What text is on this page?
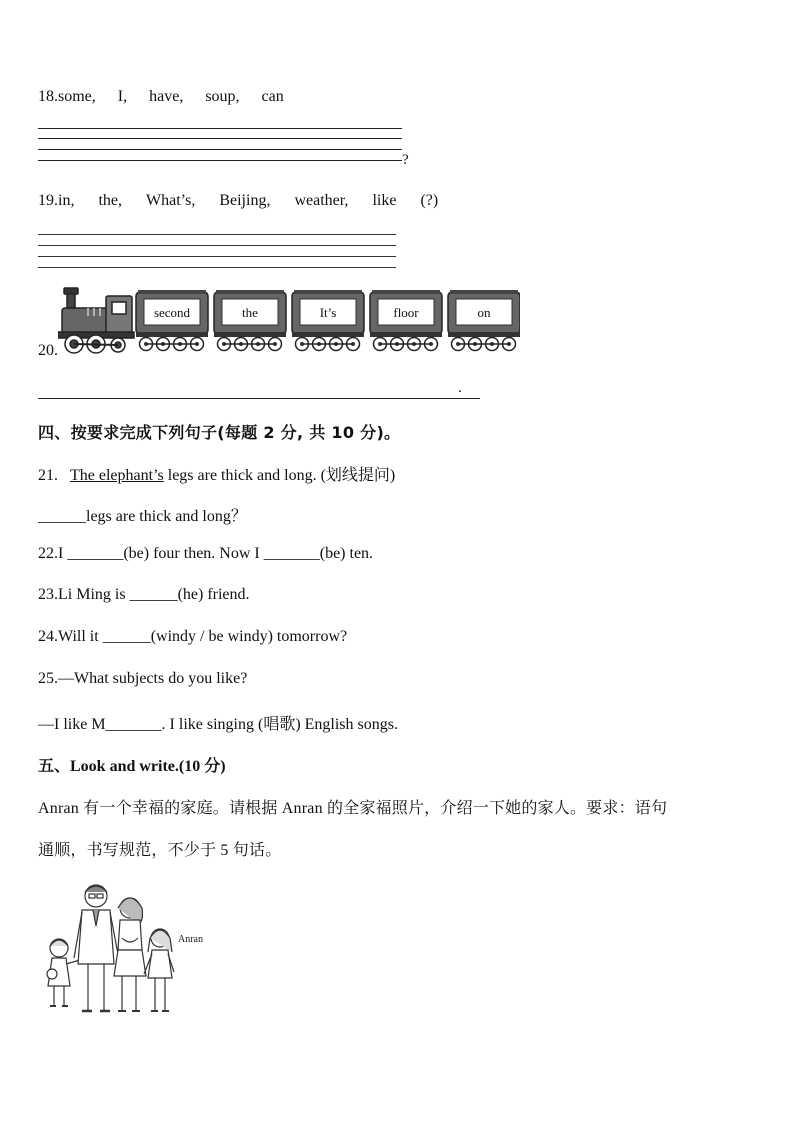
18.some, I, have, soup, can
?
19.in, the, What’s, Beijing, weather, like (?)
20.
second	the	It’s	floor	on
.
四、按要求完成下列句子(每题 2 分, 共 10 分)。
21. The elephant’s legs are thick and long. (划线提问)
______legs are thick and long？
22.I _______(be) four then. Now I _______(be) ten.
23.Li Ming is ______(he) friend.
24.Will it ______(windy / be windy) tomorrow?
25.—What subjects do you like?
—I like M_______. I like singing (唱歌) English songs.
五、Look and write.(10 分)
Anran 有一个幸福的家庭。请根据 Anran 的全家福照片，介绍一下她的家人。要求：语句
通顺，书写规范，不少于 5 句话。
Anran
